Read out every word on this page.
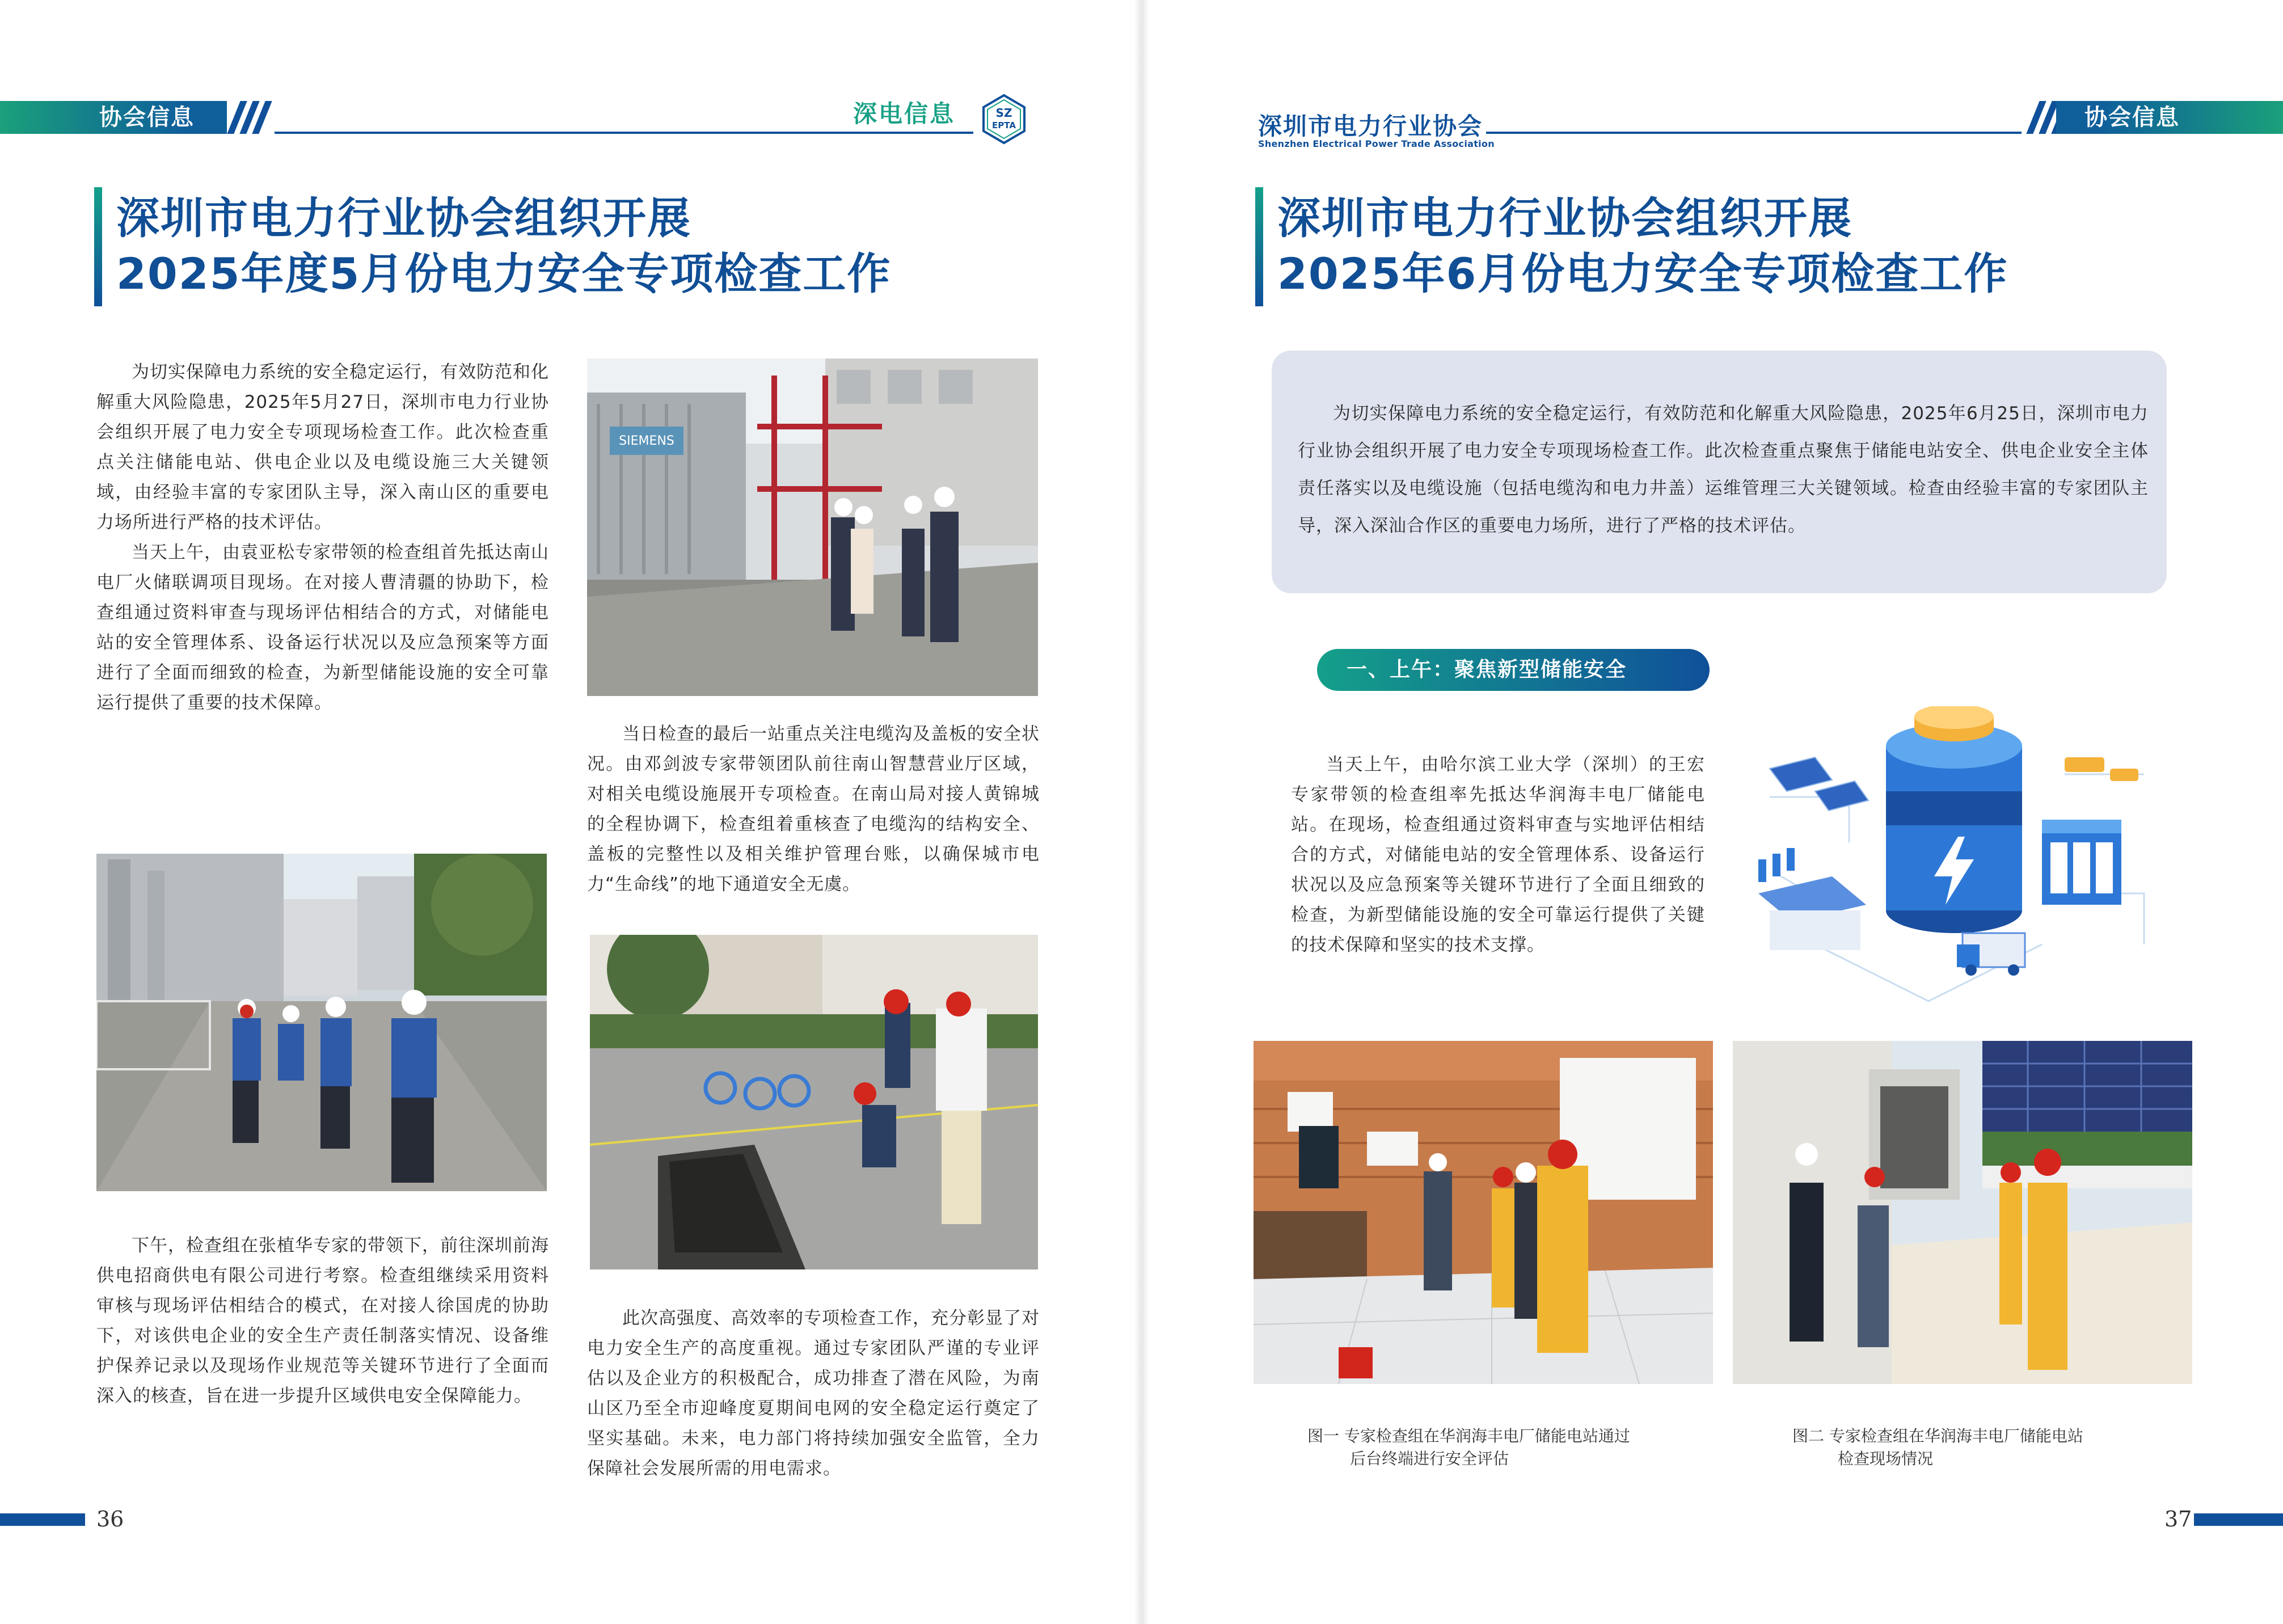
协会信息	深电信息	SZ
EPTA
深圳市电力行业协会组织开展
2025年度5月份电力安全专项检查工作

为切实保障电力系统的安全稳定运行，有效防范和化解重大风险隐患，2025年5月27日，深圳市电力行业协会组织开展了电力安全专项现场检查工作。此次检查重点关注储能电站、供电企业以及电缆设施三大关键领域，由经验丰富的专家团队主导，深入南山区的重要电力场所进行严格的技术评估。

当天上午，由袁亚松专家带领的检查组首先抵达南山电厂火储联调项目现场。在对接人曹清疆的协助下，检查组通过资料审查与现场评估相结合的方式，对储能电站的安全管理体系、设备运行状况以及应急预案等方面进行了全面而细致的检查，为新型储能设施的安全可靠运行提供了重要的技术保障。

下午，检查组在张植华专家的带领下，前往深圳前海供电招商供电有限公司进行考察。检查组继续采用资料审核与现场评估相结合的模式，在对接人徐国虎的协助下，对该供电企业的安全生产责任制落实情况、设备维护保养记录以及现场作业规范等关键环节进行了全面而深入的核查，旨在进一步提升区域供电安全保障能力。

SIEMENS

当日检查的最后一站重点关注电缆沟及盖板的安全状况。由邓剑波专家带领团队前往南山智慧营业厅区域，对相关电缆设施展开专项检查。在南山局对接人黄锦城的全程协调下，检查组着重核查了电缆沟的结构安全、盖板的完整性以及相关维护管理台账，以确保城市电力“生命线”的地下通道安全无虞。

此次高强度、高效率的专项检查工作，充分彰显了对电力安全生产的高度重视。通过专家团队严谨的专业评估以及企业方的积极配合，成功排查了潜在风险，为南山区乃至全市迎峰度夏期间电网的安全稳定运行奠定了坚实基础。未来，电力部门将持续加强安全监管，全力保障社会发展所需的用电需求。

36
深圳市电力行业协会
Shenzhen Electrical Power Trade Association
协会信息
深圳市电力行业协会组织开展
2025年6月份电力安全专项检查工作

为切实保障电力系统的安全稳定运行，有效防范和化解重大风险隐患，2025年6月25日，深圳市电力行业协会组织开展了电力安全专项现场检查工作。此次检查重点聚焦于储能电站安全、供电企业安全主体责任落实以及电缆设施（包括电缆沟和电力井盖）运维管理三大关键领域。检查由经验丰富的专家团队主导，深入深汕合作区的重要电力场所，进行了严格的技术评估。

一、上午：聚焦新型储能安全

当天上午，由哈尔滨工业大学（深圳）的王宏专家带领的检查组率先抵达华润海丰电厂储能电站。在现场，检查组通过资料审查与实地评估相结合的方式，对储能电站的安全管理体系、设备运行状况以及应急预案等关键环节进行了全面且细致的检查，为新型储能设施的安全可靠运行提供了关键的技术保障和坚实的技术支撑。

图一 专家检查组在华润海丰电厂储能电站通过
后台终端进行安全评估
图二 专家检查组在华润海丰电厂储能电站
检查现场情况
37
